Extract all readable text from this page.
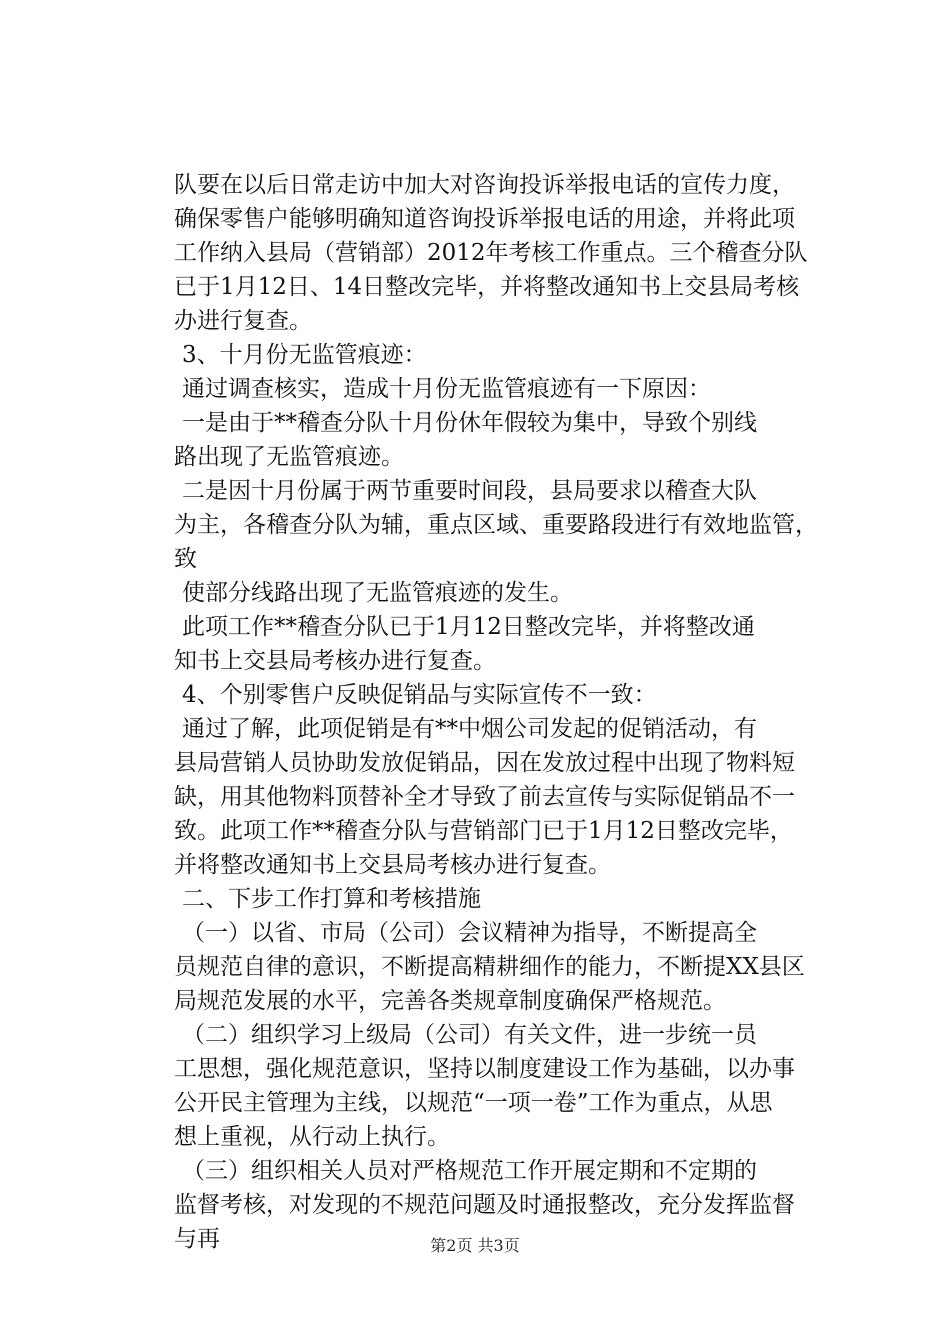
队要在以后日常走访中加大对咨询投诉举报电话的宣传力度，
确保零售户能够明确知道咨询投诉举报电话的用途，并将此项
工作纳入县局（营销部）2012年考核工作重点。三个稽查分队
已于1月12日、14日整改完毕，并将整改通知书上交县局考核
办进行复查。
3、十月份无监管痕迹：
通过调查核实，造成十月份无监管痕迹有一下原因：
一是由于**稽查分队十月份休年假较为集中，导致个别线
路出现了无监管痕迹。
二是因十月份属于两节重要时间段，县局要求以稽查大队
为主，各稽查分队为辅，重点区域、重要路段进行有效地监管，
致
使部分线路出现了无监管痕迹的发生。
此项工作**稽查分队已于1月12日整改完毕，并将整改通
知书上交县局考核办进行复查。
4、个别零售户反映促销品与实际宣传不一致：
通过了解，此项促销是有**中烟公司发起的促销活动，有
县局营销人员协助发放促销品，因在发放过程中出现了物料短
缺，用其他物料顶替补全才导致了前去宣传与实际促销品不一
致。此项工作**稽查分队与营销部门已于1月12日整改完毕，
并将整改通知书上交县局考核办进行复查。
二、下步工作打算和考核措施
（一）以省、市局（公司）会议精神为指导，不断提高全
员规范自律的意识，不断提高精耕细作的能力，不断提XX县区
局规范发展的水平，完善各类规章制度确保严格规范。
（二）组织学习上级局（公司）有关文件，进一步统一员
工思想，强化规范意识，坚持以制度建设工作为基础，以办事
公开民主管理为主线，以规范“一项一卷”工作为重点，从思
想上重视，从行动上执行。
（三）组织相关人员对严格规范工作开展定期和不定期的
监督考核，对发现的不规范问题及时通报整改，充分发挥监督
与再	第2页 共3页
